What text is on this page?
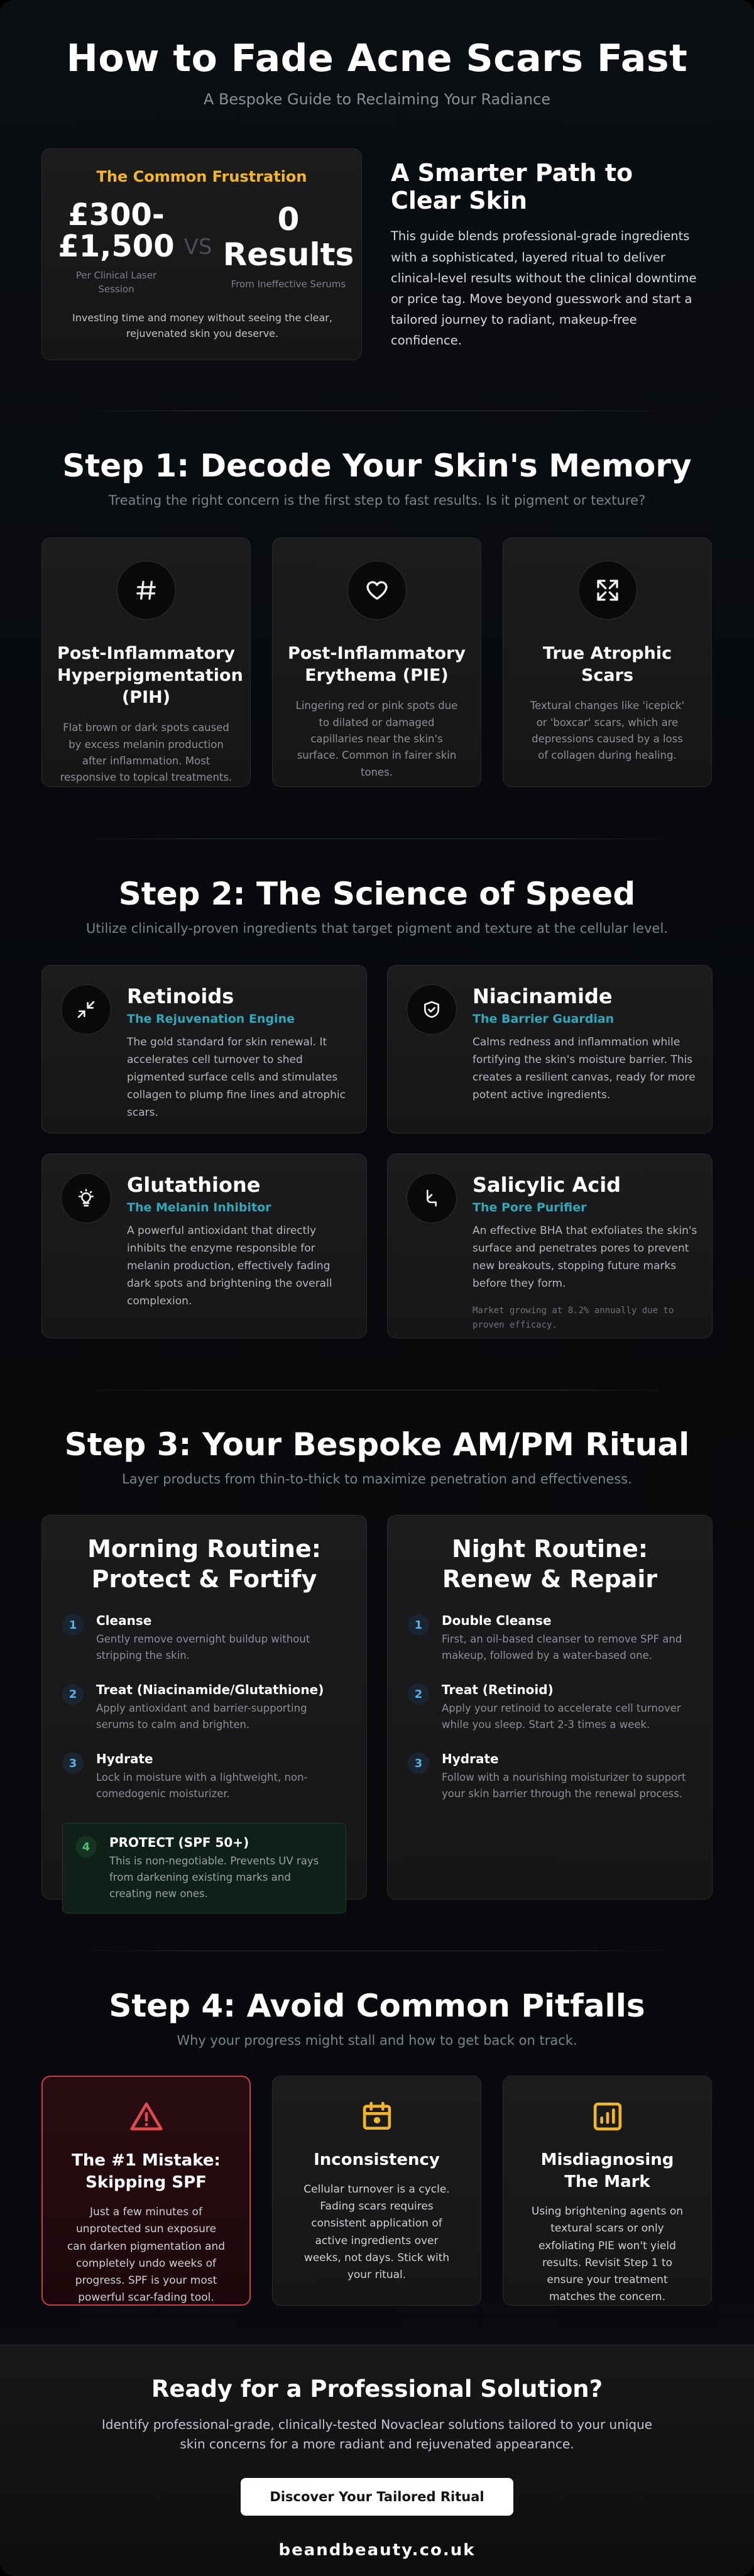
How to Fade Acne Scars Fast
A Bespoke Guide to Reclaiming Your Radiance
The Common Frustration
£300-£1,500
Per Clinical Laser Session
VS
0 Results
From Ineffective Serums
Investing time and money without seeing the clear, rejuvenated skin you deserve.
A Smarter Path to Clear Skin
This guide blends professional-grade ingredients with a sophisticated, layered ritual to deliver clinical-level results without the clinical downtime or price tag. Move beyond guesswork and start a tailored journey to radiant, makeup-free confidence.
Step 1: Decode Your Skin's Memory
Treating the right concern is the first step to fast results. Is it pigment or texture?
Post-Inflammatory Hyperpigmentation (PIH)
Flat brown or dark spots caused by excess melanin production after inflammation. Most responsive to topical treatments.
Post-Inflammatory Erythema (PIE)
Lingering red or pink spots due to dilated or damaged capillaries near the skin's surface. Common in fairer skin tones.
True Atrophic Scars
Textural changes like 'icepick' or 'boxcar' scars, which are depressions caused by a loss of collagen during healing.
Step 2: The Science of Speed
Utilize clinically-proven ingredients that target pigment and texture at the cellular level.
Retinoids
The Rejuvenation Engine
The gold standard for skin renewal. It accelerates cell turnover to shed pigmented surface cells and stimulates collagen to plump fine lines and atrophic scars.
Niacinamide
The Barrier Guardian
Calms redness and inflammation while fortifying the skin's moisture barrier. This creates a resilient canvas, ready for more potent active ingredients.
Glutathione
The Melanin Inhibitor
A powerful antioxidant that directly inhibits the enzyme responsible for melanin production, effectively fading dark spots and brightening the overall complexion.
Salicylic Acid
The Pore Purifier
An effective BHA that exfoliates the skin's surface and penetrates pores to prevent new breakouts, stopping future marks before they form.
Market growing at 8.2% annually due to proven efficacy.
Step 3: Your Bespoke AM/PM Ritual
Layer products from thin-to-thick to maximize penetration and effectiveness.
Morning Routine: Protect & Fortify
1	Cleanse
Gently remove overnight buildup without stripping the skin.
2	Treat (Niacinamide/Glutathione)
Apply antioxidant and barrier-supporting serums to calm and brighten.
3	Hydrate
Lock in moisture with a lightweight, non-comedogenic moisturizer.
4	PROTECT (SPF 50+)
This is non-negotiable. Prevents UV rays from darkening existing marks and creating new ones.
Night Routine: Renew & Repair
1	Double Cleanse
First, an oil-based cleanser to remove SPF and makeup, followed by a water-based one.
2	Treat (Retinoid)
Apply your retinoid to accelerate cell turnover while you sleep. Start 2-3 times a week.
3	Hydrate
Follow with a nourishing moisturizer to support your skin barrier through the renewal process.
Step 4: Avoid Common Pitfalls
Why your progress might stall and how to get back on track.
The #1 Mistake: Skipping SPF
Just a few minutes of unprotected sun exposure can darken pigmentation and completely undo weeks of progress. SPF is your most powerful scar-fading tool.
Inconsistency
Cellular turnover is a cycle. Fading scars requires consistent application of active ingredients over weeks, not days. Stick with your ritual.
Misdiagnosing The Mark
Using brightening agents on textural scars or only exfoliating PIE won't yield results. Revisit Step 1 to ensure your treatment matches the concern.
Ready for a Professional Solution?
Identify professional-grade, clinically-tested Novaclear solutions tailored to your unique skin concerns for a more radiant and rejuvenated appearance.
Discover Your Tailored Ritual
beandbeauty.co.uk
